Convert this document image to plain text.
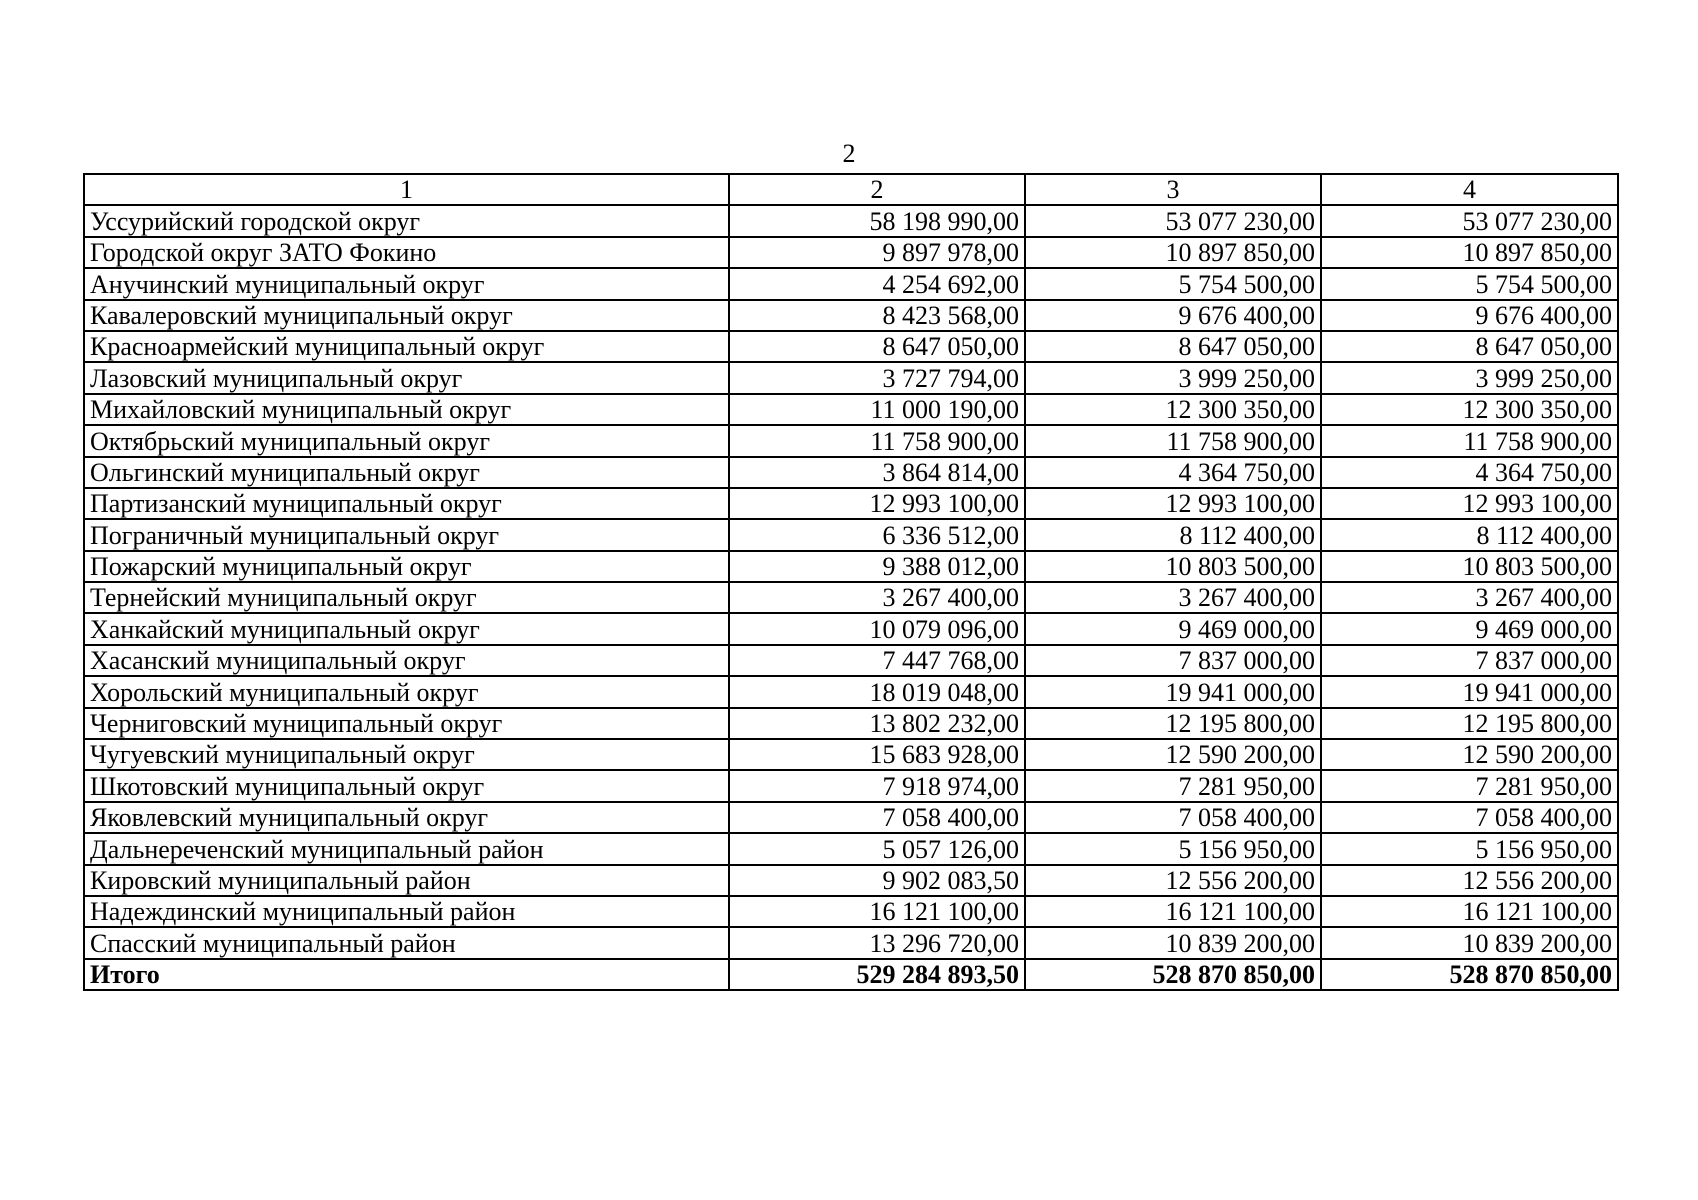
2
1	2	3	4
Уссурийский городской округ	58 198 990,00	53 077 230,00	53 077 230,00
Городской округ ЗАТО Фокино	9 897 978,00	10 897 850,00	10 897 850,00
Анучинский муниципальный округ	4 254 692,00	5 754 500,00	5 754 500,00
Кавалеровский муниципальный округ	8 423 568,00	9 676 400,00	9 676 400,00
Красноармейский муниципальный округ	8 647 050,00	8 647 050,00	8 647 050,00
Лазовский муниципальный округ	3 727 794,00	3 999 250,00	3 999 250,00
Михайловский муниципальный округ	11 000 190,00	12 300 350,00	12 300 350,00
Октябрьский муниципальный округ	11 758 900,00	11 758 900,00	11 758 900,00
Ольгинский муниципальный округ	3 864 814,00	4 364 750,00	4 364 750,00
Партизанский муниципальный округ	12 993 100,00	12 993 100,00	12 993 100,00
Пограничный муниципальный округ	6 336 512,00	8 112 400,00	8 112 400,00
Пожарский муниципальный округ	9 388 012,00	10 803 500,00	10 803 500,00
Тернейский муниципальный округ	3 267 400,00	3 267 400,00	3 267 400,00
Ханкайский муниципальный округ	10 079 096,00	9 469 000,00	9 469 000,00
Хасанский муниципальный округ	7 447 768,00	7 837 000,00	7 837 000,00
Хорольский муниципальный округ	18 019 048,00	19 941 000,00	19 941 000,00
Черниговский муниципальный округ	13 802 232,00	12 195 800,00	12 195 800,00
Чугуевский муниципальный округ	15 683 928,00	12 590 200,00	12 590 200,00
Шкотовский муниципальный округ	7 918 974,00	7 281 950,00	7 281 950,00
Яковлевский муниципальный округ	7 058 400,00	7 058 400,00	7 058 400,00
Дальнереченский муниципальный район	5 057 126,00	5 156 950,00	5 156 950,00
Кировский муниципальный район	9 902 083,50	12 556 200,00	12 556 200,00
Надеждинский муниципальный район	16 121 100,00	16 121 100,00	16 121 100,00
Спасский муниципальный район	13 296 720,00	10 839 200,00	10 839 200,00
Итого	529 284 893,50	528 870 850,00	528 870 850,00
